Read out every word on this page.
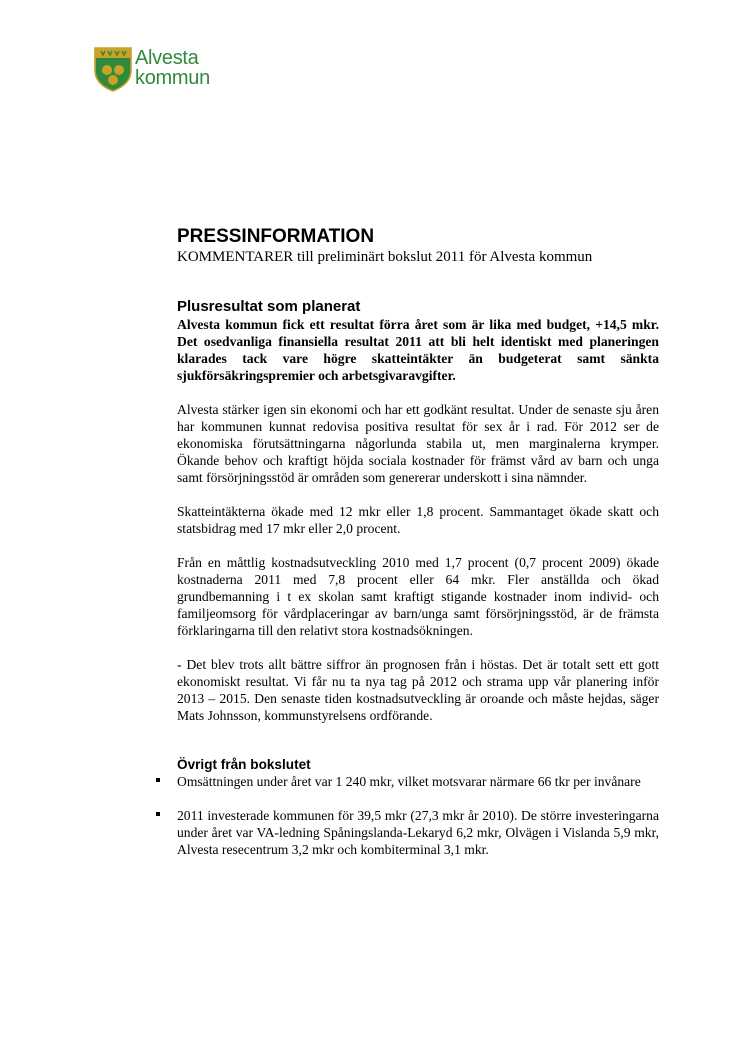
Alvesta
kommun
PRESSINFORMATION

KOMMENTARER till preliminärt bokslut 2011 för Alvesta kommun

Plusresultat som planerat

Alvesta kommun fick ett resultat förra året som är lika med budget, +14,5 mkr. Det osedvanliga finansiella resultat 2011 att bli helt identiskt med planeringen klarades tack vare högre skatteintäkter än budgeterat samt sänkta sjukförsäkringspremier och arbetsgivaravgifter.

Alvesta stärker igen sin ekonomi och har ett godkänt resultat. Under de senaste sju åren har kommunen kunnat redovisa positiva resultat för sex år i rad. För 2012 ser de ekonomiska förutsättningarna någorlunda stabila ut, men marginalerna krymper. Ökande behov och kraftigt höjda sociala kostnader för främst vård av barn och unga samt försörjningsstöd är områden som genererar underskott i sina nämnder.

Skatteintäkterna ökade med 12 mkr eller 1,8 procent. Sammantaget ökade skatt och statsbidrag med 17 mkr eller 2,0 procent.

Från en måttlig kostnadsutveckling 2010 med 1,7 procent (0,7 procent 2009) ökade kostnaderna 2011 med 7,8 procent eller 64 mkr. Fler anställda och ökad grundbemanning i t ex skolan samt kraftigt stigande kostnader inom individ- och familjeomsorg för vårdplaceringar av barn/unga samt försörjningsstöd, är de främsta förklaringarna till den relativt stora kostnadsökningen.

- Det blev trots allt bättre siffror än prognosen från i höstas. Det är totalt sett ett gott ekonomiskt resultat. Vi får nu ta nya tag på 2012 och strama upp vår planering inför 2013 – 2015. Den senaste tiden kostnadsutveckling är oroande och måste hejdas, säger Mats Johnsson, kommunstyrelsens ordförande.

Övrigt från bokslutet
Omsättningen under året var 1 240 mkr, vilket motsvarar närmare 66 tkr per invånare
2011 investerade kommunen för 39,5 mkr (27,3 mkr år 2010). De större investeringarna under året var VA-ledning Spåningslanda-Lekaryd 6,2 mkr, Olvägen i Vislanda 5,9 mkr, Alvesta resecentrum 3,2 mkr och kombiterminal 3,1 mkr.
